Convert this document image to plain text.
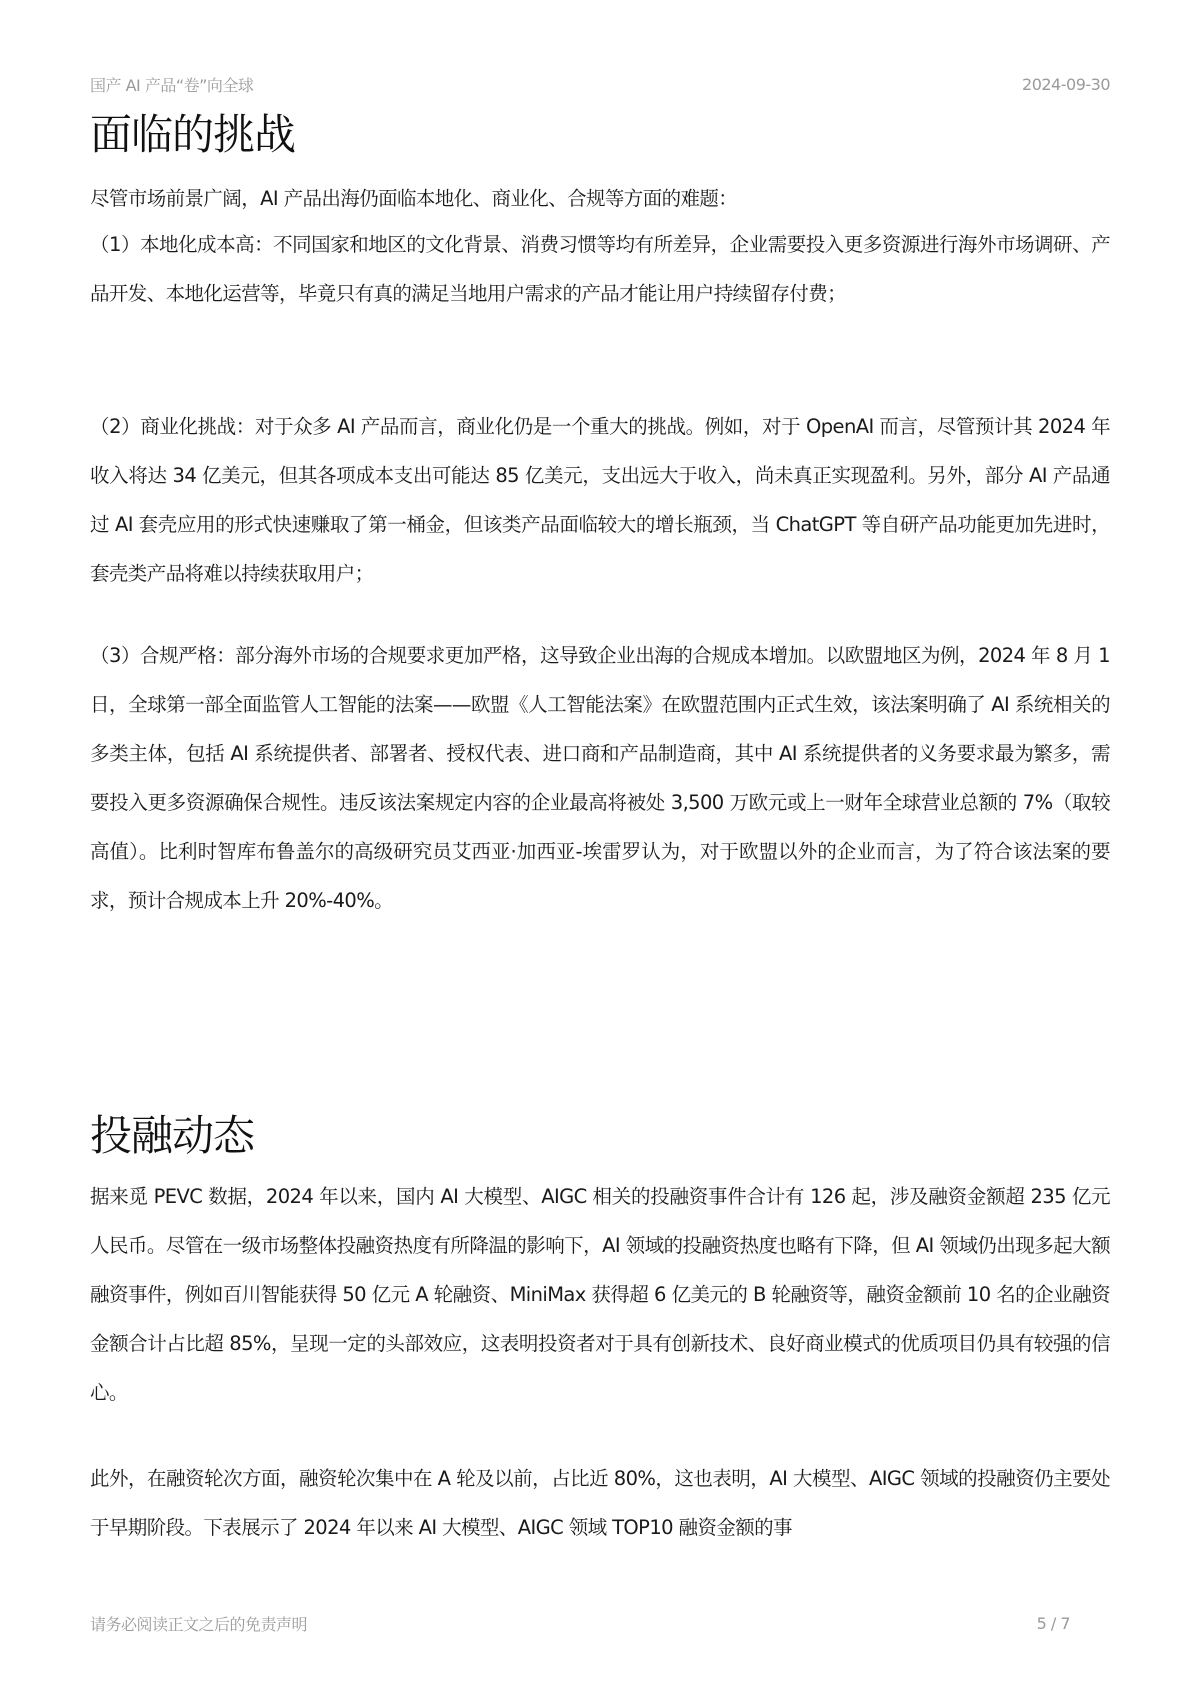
国产 AI 产品“卷”向全球	2024-09-30
面临的挑战

尽管市场前景广阔，AI 产品出海仍面临本地化、商业化、合规等方面的难题：

（1）本地化成本高：不同国家和地区的文化背景、消费习惯等均有所差异，企业需要投入更多资源进行海外市场调研、产品开发、本地化运营等，毕竟只有真的满足当地用户需求的产品才能让用户持续留存付费；

（2）商业化挑战：对于众多 AI 产品而言，商业化仍是一个重大的挑战。例如，对于 OpenAI 而言，尽管预计其 2024 年收入将达 34 亿美元，但其各项成本支出可能达 85 亿美元，支出远大于收入，尚未真正实现盈利。另外，部分 AI 产品通过 AI 套壳应用的形式快速赚取了第一桶金，但该类产品面临较大的增长瓶颈，当 ChatGPT 等自研产品功能更加先进时，套壳类产品将难以持续获取用户；

（3）合规严格：部分海外市场的合规要求更加严格，这导致企业出海的合规成本增加。以欧盟地区为例，2024 年 8 月 1 日，全球第一部全面监管人工智能的法案——欧盟《人工智能法案》在欧盟范围内正式生效，该法案明确了 AI 系统相关的多类主体，包括 AI 系统提供者、部署者、授权代表、进口商和产品制造商，其中 AI 系统提供者的义务要求最为繁多，需要投入更多资源确保合规性。违反该法案规定内容的企业最高将被处 3,500 万欧元或上一财年全球营业总额的 7%（取较高值）。比利时智库布鲁盖尔的高级研究员艾西亚·加西亚-埃雷罗认为，对于欧盟以外的企业而言，为了符合该法案的要求，预计合规成本上升 20%-40%。

投融动态

据来觅 PEVC 数据，2024 年以来，国内 AI 大模型、AIGC 相关的投融资事件合计有 126 起，涉及融资金额超 235 亿元人民币。尽管在一级市场整体投融资热度有所降温的影响下，AI 领域的投融资热度也略有下降，但 AI 领域仍出现多起大额融资事件，例如百川智能获得 50 亿元 A 轮融资、MiniMax 获得超 6 亿美元的 B 轮融资等，融资金额前 10 名的企业融资金额合计占比超 85%，呈现一定的头部效应，这表明投资者对于具有创新技术、良好商业模式的优质项目仍具有较强的信心。

此外，在融资轮次方面，融资轮次集中在 A 轮及以前，占比近 80%，这也表明，AI 大模型、AIGC 领域的投融资仍主要处于早期阶段。下表展示了 2024 年以来 AI 大模型、AIGC 领域 TOP10 融资金额的事

请务必阅读正文之后的免责声明	5 / 7
